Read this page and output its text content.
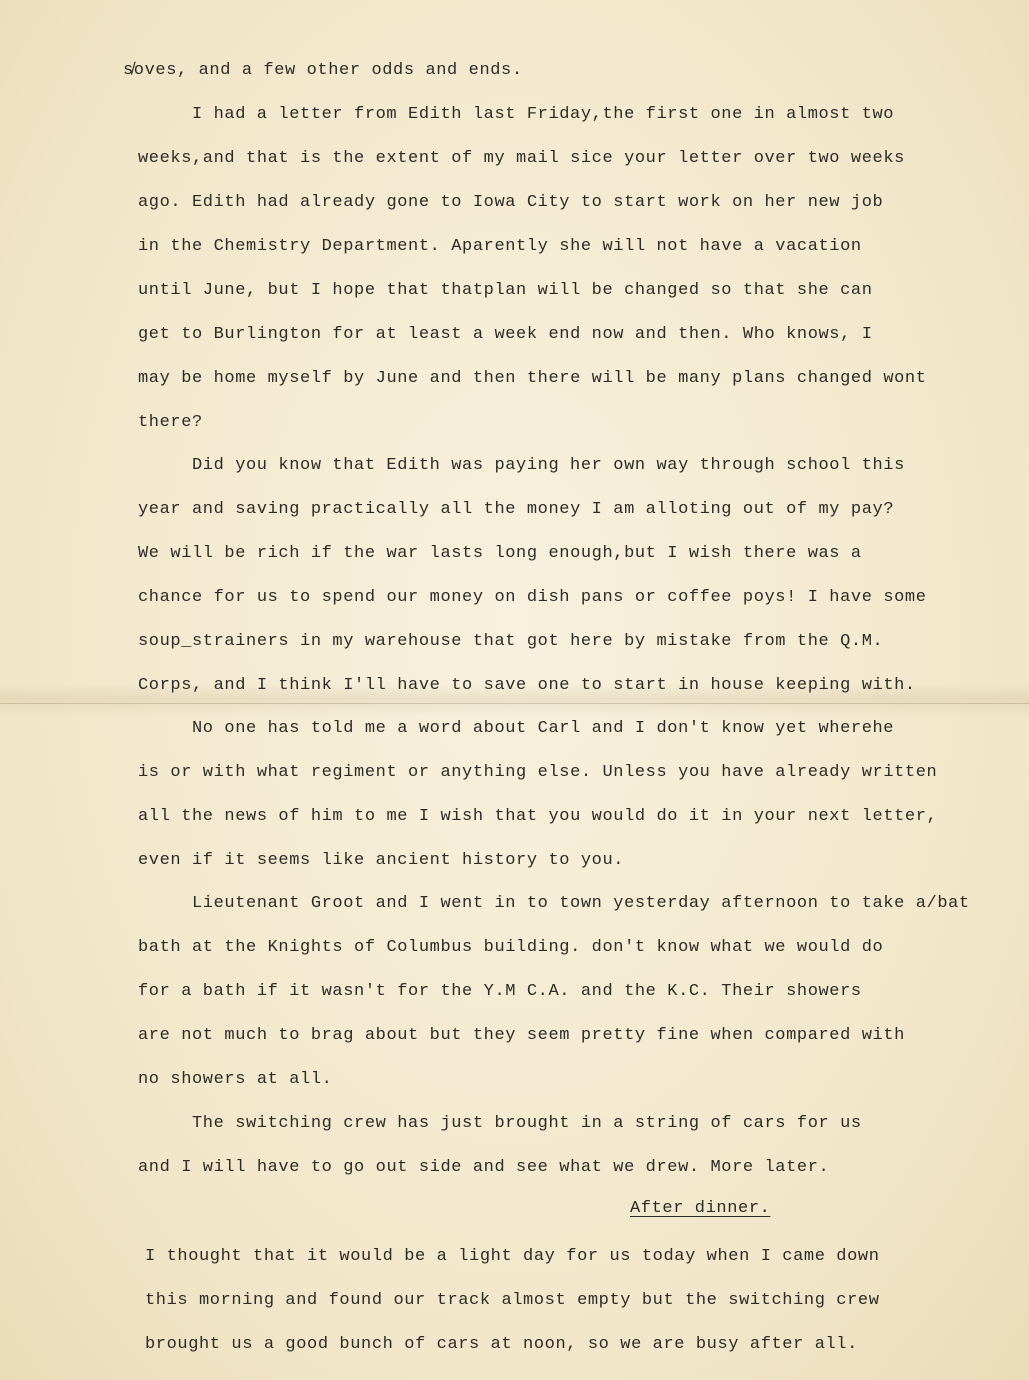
s̸oves, and a few other odds and ends.

I had a letter from Edith last Friday,the first one in almost two

weeks,and that is the extent of my mail sice your letter over two weeks

ago. Edith had already gone to Iowa City to start work on her new job

in the Chemistry Department. Aparently she will not have a vacation

until June, but I hope that thatplan will be changed so that she can

get to Burlington for at least a week end now and then. Who knows, I

may be home myself by June and then there will be many plans changed wont

there?

Did you know that Edith was paying her own way through school this

year and saving practically all the money I am alloting out of my pay?

We will be rich if the war lasts long enough,but I wish there was a

chance for us to spend our money on dish pans or coffee poys! I have some

soup_strainers in my warehouse that got here by mistake from the Q.M.

Corps, and I think I'll have to save one to start in house keeping with.

No one has told me a word about Carl and I don't know yet wherehe

is or with what regiment or anything else. Unless you have already written

all the news of him to me I wish that you would do it in your next letter,

even if it seems like ancient history to you.

Lieutenant Groot and I went in to town yesterday afternoon to take a/bat

bath at the Knights of Columbus building. don't know what we would do

for a bath if it wasn't for the Y.M C.A. and the K.C. Their showers

are not much to brag about but they seem pretty fine when compared with

no showers at all.

The switching crew has just brought in a string of cars for us

and I will have to go out side and see what we drew. More later.

After dinner.

I thought that it would be a light day for us today when I came down

this morning and found our track almost empty but the switching crew

brought us a good bunch of cars at noon, so we are busy after all.
